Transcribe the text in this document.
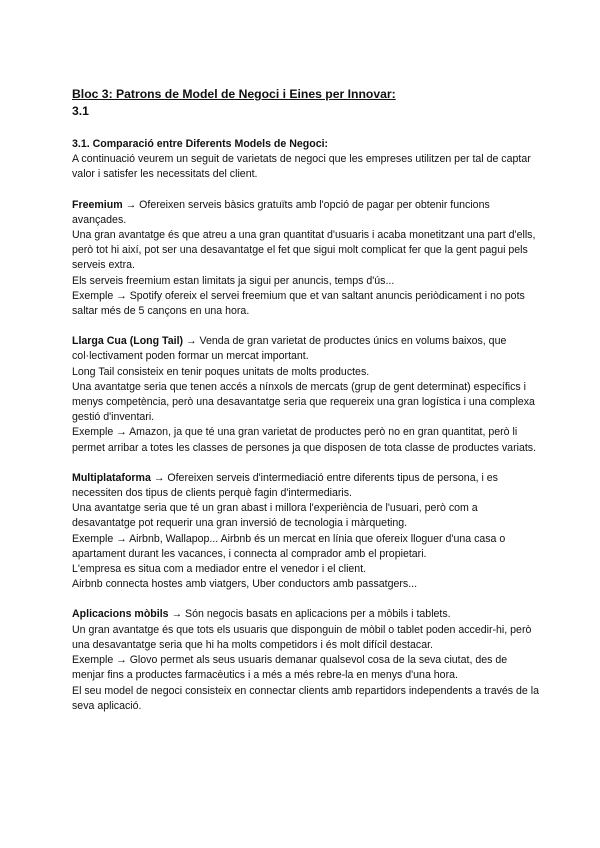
Bloc 3: Patrons de Model de Negoci i Eines per Innovar:
3.1

3.1. Comparació entre Diferents Models de Negoci:

A continuació veurem un seguit de varietats de negoci que les empreses utilitzen per tal de captar valor i satisfer les necessitats del client.

Freemium → Ofereixen serveis bàsics gratuïts amb l'opció de pagar per obtenir funcions avançades.

Una gran avantatge és que atreu a una gran quantitat d'usuaris i acaba monetitzant una part d'ells, però tot hi així, pot ser una desavantatge el fet que sigui molt complicat fer que la gent pagui pels serveis extra.

Els serveis freemium estan limitats ja sigui per anuncis, temps d'ús...

Exemple → Spotify ofereix el servei freemium que et van saltant anuncis periòdicament i no pots saltar més de 5 cançons en una hora.

Llarga Cua (Long Tail) → Venda de gran varietat de productes únics en volums baixos, que col·lectivament poden formar un mercat important.

Long Tail consisteix en tenir poques unitats de molts productes.

Una avantatge seria que tenen accés a nínxols de mercats (grup de gent determinat) específics i menys competència, però una desavantatge seria que requereix una gran logística i una complexa gestió d'inventari.

Exemple → Amazon, ja que té una gran varietat de productes però no en gran quantitat, però li permet arribar a totes les classes de persones ja que disposen de tota classe de productes variats.

Multiplataforma → Ofereixen serveis d'intermediació entre diferents tipus de persona, i es necessiten dos tipus de clients perquè fagin d'intermediaris.

Una avantatge seria que té un gran abast i millora l'experiència de l'usuari, però com a desavantatge pot requerir una gran inversió de tecnologia i màrqueting.

Exemple → Airbnb, Wallapop... Airbnb és un mercat en línia que ofereix lloguer d'una casa o apartament durant les vacances, i connecta al comprador amb el propietari.

L'empresa es situa com a mediador entre el venedor i el client.

Airbnb connecta hostes amb viatgers, Uber conductors amb passatgers...

Aplicacions mòbils → Són negocis basats en aplicacions per a mòbils i tablets.

Un gran avantatge és que tots els usuaris que disponguin de mòbil o tablet poden accedir-hi, però una desavantatge seria que hi ha molts competidors i és molt difícil destacar.

Exemple → Glovo permet als seus usuaris demanar qualsevol cosa de la seva ciutat, des de menjar fins a productes farmacèutics i a més a més rebre-la en menys d'una hora.

El seu model de negoci consisteix en connectar clients amb repartidors independents a través de la seva aplicació.
